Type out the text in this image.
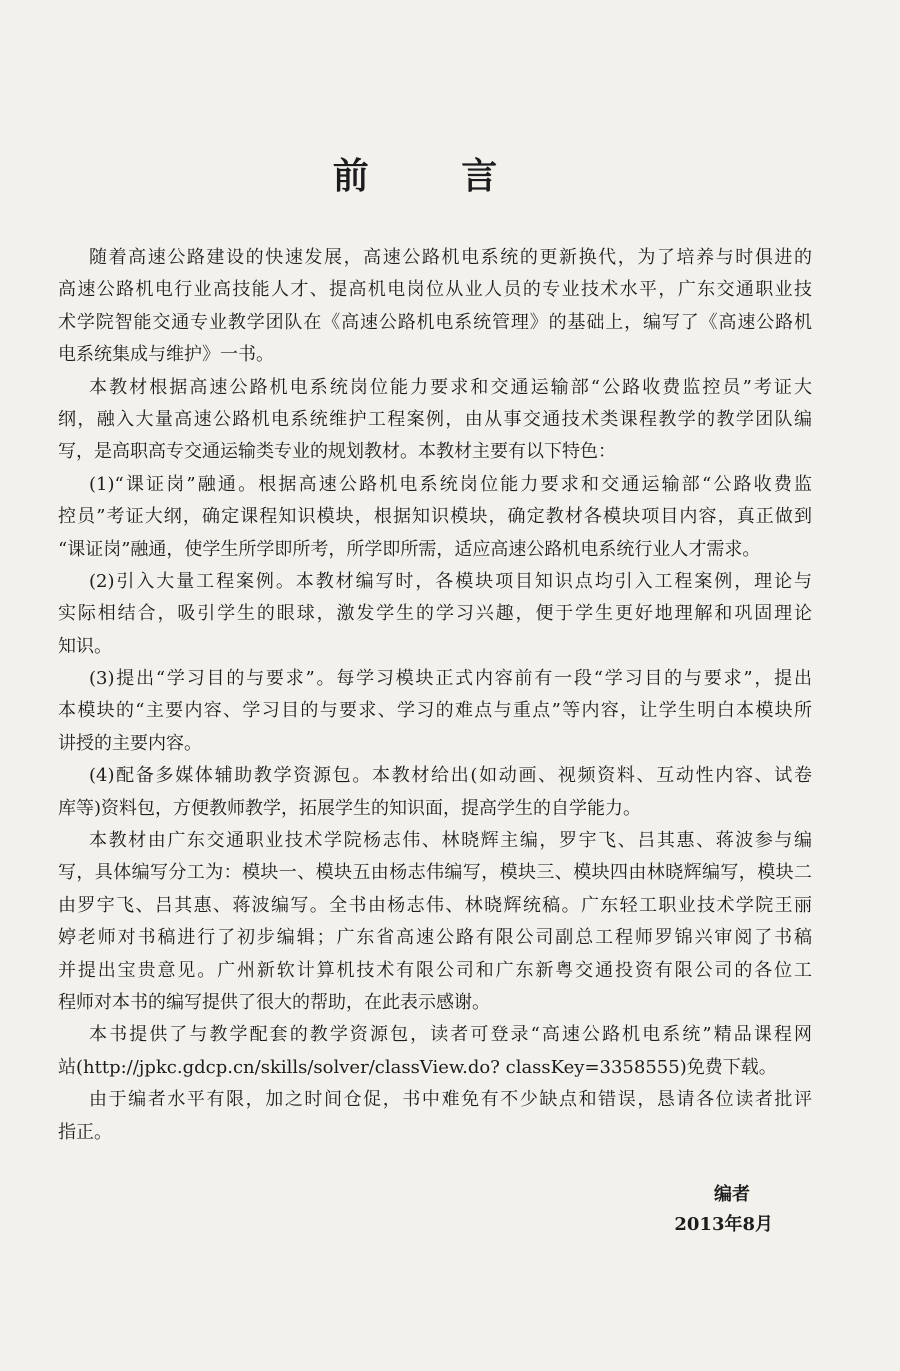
前 言
随着高速公路建设的快速发展，高速公路机电系统的更新换代，为了培养与时俱进的
高速公路机电行业高技能人才、提高机电岗位从业人员的专业技术水平，广东交通职业技
术学院智能交通专业教学团队在《高速公路机电系统管理》的基础上，编写了《高速公路机
电系统集成与维护》一书。
本教材根据高速公路机电系统岗位能力要求和交通运输部“公路收费监控员”考证大
纲，融入大量高速公路机电系统维护工程案例，由从事交通技术类课程教学的教学团队编
写，是高职高专交通运输类专业的规划教材。本教材主要有以下特色：
(1)“课证岗”融通。根据高速公路机电系统岗位能力要求和交通运输部“公路收费监
控员”考证大纲，确定课程知识模块，根据知识模块，确定教材各模块项目内容，真正做到
“课证岗”融通，使学生所学即所考，所学即所需，适应高速公路机电系统行业人才需求。
(2)引入大量工程案例。本教材编写时，各模块项目知识点均引入工程案例，理论与
实际相结合，吸引学生的眼球，激发学生的学习兴趣，便于学生更好地理解和巩固理论
知识。
(3)提出“学习目的与要求”。每学习模块正式内容前有一段“学习目的与要求”，提出
本模块的“主要内容、学习目的与要求、学习的难点与重点”等内容，让学生明白本模块所
讲授的主要内容。
(4)配备多媒体辅助教学资源包。本教材给出(如动画、视频资料、互动性内容、试卷
库等)资料包，方便教师教学，拓展学生的知识面，提高学生的自学能力。
本教材由广东交通职业技术学院杨志伟、林晓辉主编，罗宇飞、吕其惠、蒋波参与编
写，具体编写分工为：模块一、模块五由杨志伟编写，模块三、模块四由林晓辉编写，模块二
由罗宇飞、吕其惠、蒋波编写。全书由杨志伟、林晓辉统稿。广东轻工职业技术学院王丽
婷老师对书稿进行了初步编辑；广东省高速公路有限公司副总工程师罗锦兴审阅了书稿
并提出宝贵意见。广州新软计算机技术有限公司和广东新粤交通投资有限公司的各位工
程师对本书的编写提供了很大的帮助，在此表示感谢。
本书提供了与教学配套的教学资源包，读者可登录“高速公路机电系统”精品课程网
站(http://jpkc.gdcp.cn/skills/solver/classView.do? classKey=3358555)免费下载。
由于编者水平有限，加之时间仓促，书中难免有不少缺点和错误，恳请各位读者批评
指正。
编者
2013年8月
